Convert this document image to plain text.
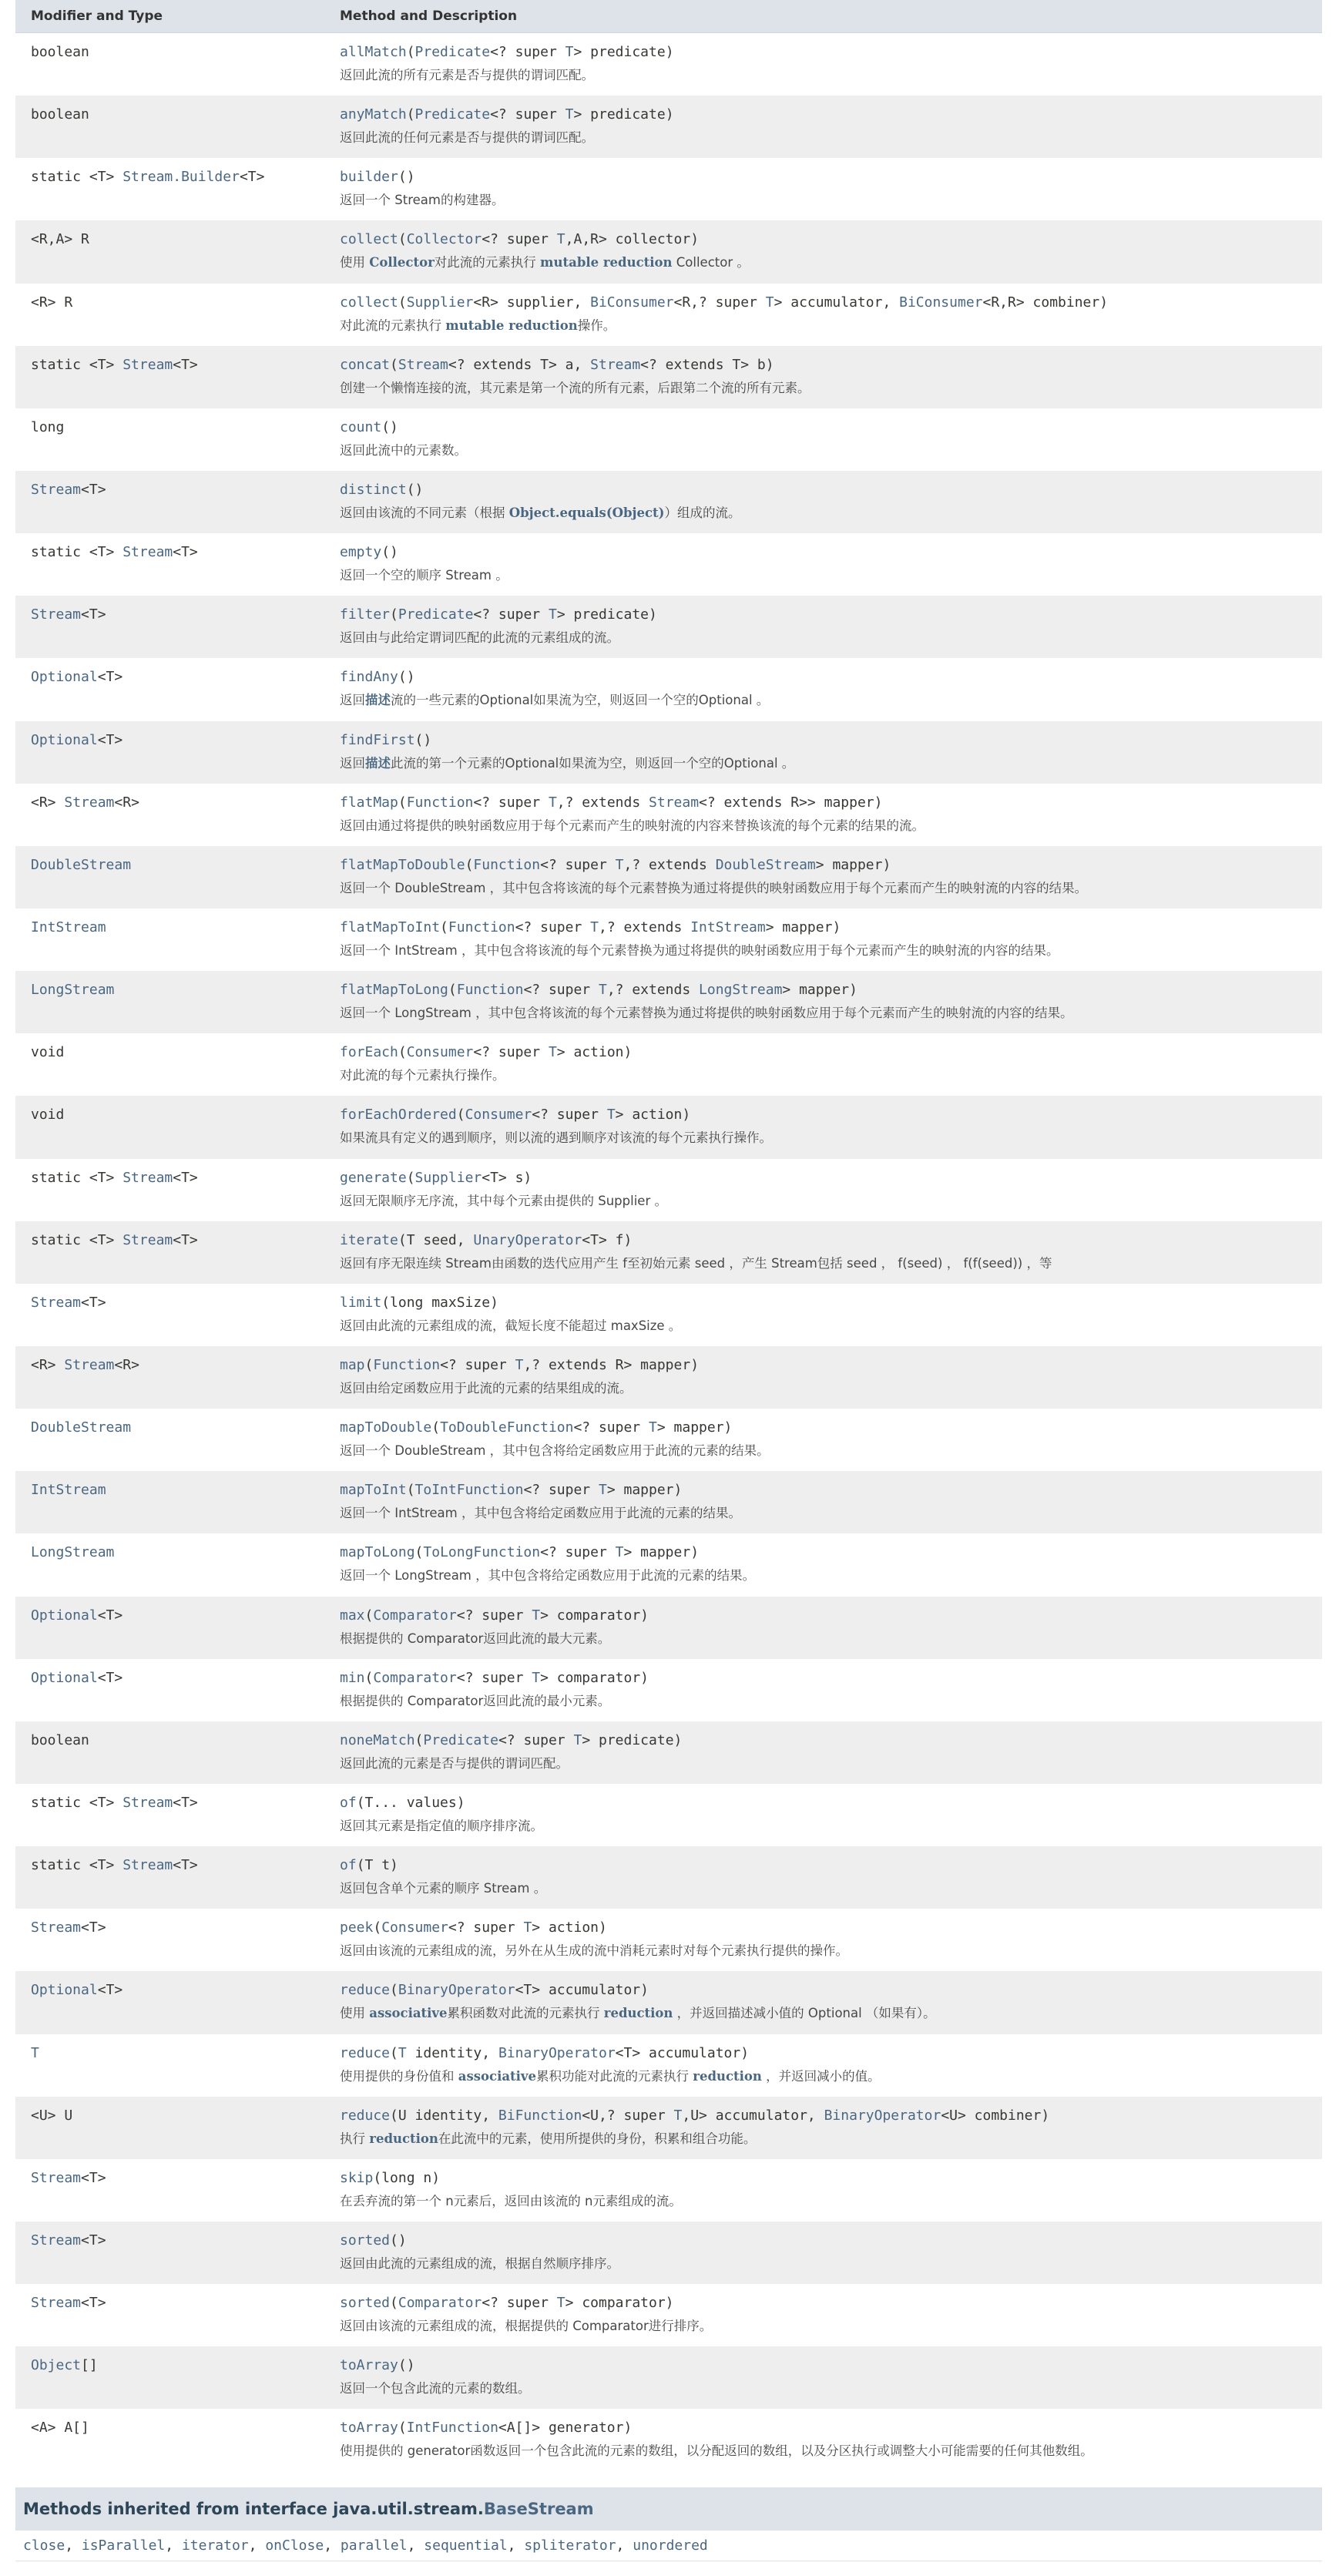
Modifier and Type	Method and Description
boolean	allMatch(Predicate<? super T> predicate)
返回此流的所有元素是否与提供的谓词匹配。
boolean	anyMatch(Predicate<? super T> predicate)
返回此流的任何元素是否与提供的谓词匹配。
static <T> Stream.Builder<T>	builder()
返回一个 Stream的构建器。
<R,A> R	collect(Collector<? super T,A,R> collector)
使用 Collector对此流的元素执行 mutable reduction Collector 。
<R> R	collect(Supplier<R> supplier, BiConsumer<R,? super T> accumulator, BiConsumer<R,R> combiner)
对此流的元素执行 mutable reduction操作。
static <T> Stream<T>	concat(Stream<? extends T> a, Stream<? extends T> b)
创建一个懒惰连接的流，其元素是第一个流的所有元素，后跟第二个流的所有元素。
long	count()
返回此流中的元素数。
Stream<T>	distinct()
返回由该流的不同元素（根据 Object.equals(Object)）组成的流。
static <T> Stream<T>	empty()
返回一个空的顺序 Stream 。
Stream<T>	filter(Predicate<? super T> predicate)
返回由与此给定谓词匹配的此流的元素组成的流。
Optional<T>	findAny()
返回描述流的一些元素的Optional如果流为空，则返回一个空的Optional 。
Optional<T>	findFirst()
返回描述此流的第一个元素的Optional如果流为空，则返回一个空的Optional 。
<R> Stream<R>	flatMap(Function<? super T,? extends Stream<? extends R>> mapper)
返回由通过将提供的映射函数应用于每个元素而产生的映射流的内容来替换该流的每个元素的结果的流。
DoubleStream	flatMapToDouble(Function<? super T,? extends DoubleStream> mapper)
返回一个 DoubleStream ，其中包含将该流的每个元素替换为通过将提供的映射函数应用于每个元素而产生的映射流的内容的结果。
IntStream	flatMapToInt(Function<? super T,? extends IntStream> mapper)
返回一个 IntStream ，其中包含将该流的每个元素替换为通过将提供的映射函数应用于每个元素而产生的映射流的内容的结果。
LongStream	flatMapToLong(Function<? super T,? extends LongStream> mapper)
返回一个 LongStream ，其中包含将该流的每个元素替换为通过将提供的映射函数应用于每个元素而产生的映射流的内容的结果。
void	forEach(Consumer<? super T> action)
对此流的每个元素执行操作。
void	forEachOrdered(Consumer<? super T> action)
如果流具有定义的遇到顺序，则以流的遇到顺序对该流的每个元素执行操作。
static <T> Stream<T>	generate(Supplier<T> s)
返回无限顺序无序流，其中每个元素由提供的 Supplier 。
static <T> Stream<T>	iterate(T seed, UnaryOperator<T> f)
返回有序无限连续 Stream由函数的迭代应用产生 f至初始元素 seed ，产生 Stream包括 seed ， f(seed) ， f(f(seed)) ，等
Stream<T>	limit(long maxSize)
返回由此流的元素组成的流，截短长度不能超过 maxSize 。
<R> Stream<R>	map(Function<? super T,? extends R> mapper)
返回由给定函数应用于此流的元素的结果组成的流。
DoubleStream	mapToDouble(ToDoubleFunction<? super T> mapper)
返回一个 DoubleStream ，其中包含将给定函数应用于此流的元素的结果。
IntStream	mapToInt(ToIntFunction<? super T> mapper)
返回一个 IntStream ，其中包含将给定函数应用于此流的元素的结果。
LongStream	mapToLong(ToLongFunction<? super T> mapper)
返回一个 LongStream ，其中包含将给定函数应用于此流的元素的结果。
Optional<T>	max(Comparator<? super T> comparator)
根据提供的 Comparator返回此流的最大元素。
Optional<T>	min(Comparator<? super T> comparator)
根据提供的 Comparator返回此流的最小元素。
boolean	noneMatch(Predicate<? super T> predicate)
返回此流的元素是否与提供的谓词匹配。
static <T> Stream<T>	of(T... values)
返回其元素是指定值的顺序排序流。
static <T> Stream<T>	of(T t)
返回包含单个元素的顺序 Stream 。
Stream<T>	peek(Consumer<? super T> action)
返回由该流的元素组成的流，另外在从生成的流中消耗元素时对每个元素执行提供的操作。
Optional<T>	reduce(BinaryOperator<T> accumulator)
使用 associative累积函数对此流的元素执行 reduction ，并返回描述减小值的 Optional （如果有）。
T	reduce(T identity, BinaryOperator<T> accumulator)
使用提供的身份值和 associative累积功能对此流的元素执行 reduction ，并返回减小的值。
<U> U	reduce(U identity, BiFunction<U,? super T,U> accumulator, BinaryOperator<U> combiner)
执行 reduction在此流中的元素，使用所提供的身份，积累和组合功能。
Stream<T>	skip(long n)
在丢弃流的第一个 n元素后，返回由该流的 n元素组成的流。
Stream<T>	sorted()
返回由此流的元素组成的流，根据自然顺序排序。
Stream<T>	sorted(Comparator<? super T> comparator)
返回由该流的元素组成的流，根据提供的 Comparator进行排序。
Object[]	toArray()
返回一个包含此流的元素的数组。
<A> A[]	toArray(IntFunction<A[]> generator)
使用提供的 generator函数返回一个包含此流的元素的数组，以分配返回的数组，以及分区执行或调整大小可能需要的任何其他数组。
Methods inherited from interface java.util.stream.BaseStream
close, isParallel, iterator, onClose, parallel, sequential, spliterator, unordered
